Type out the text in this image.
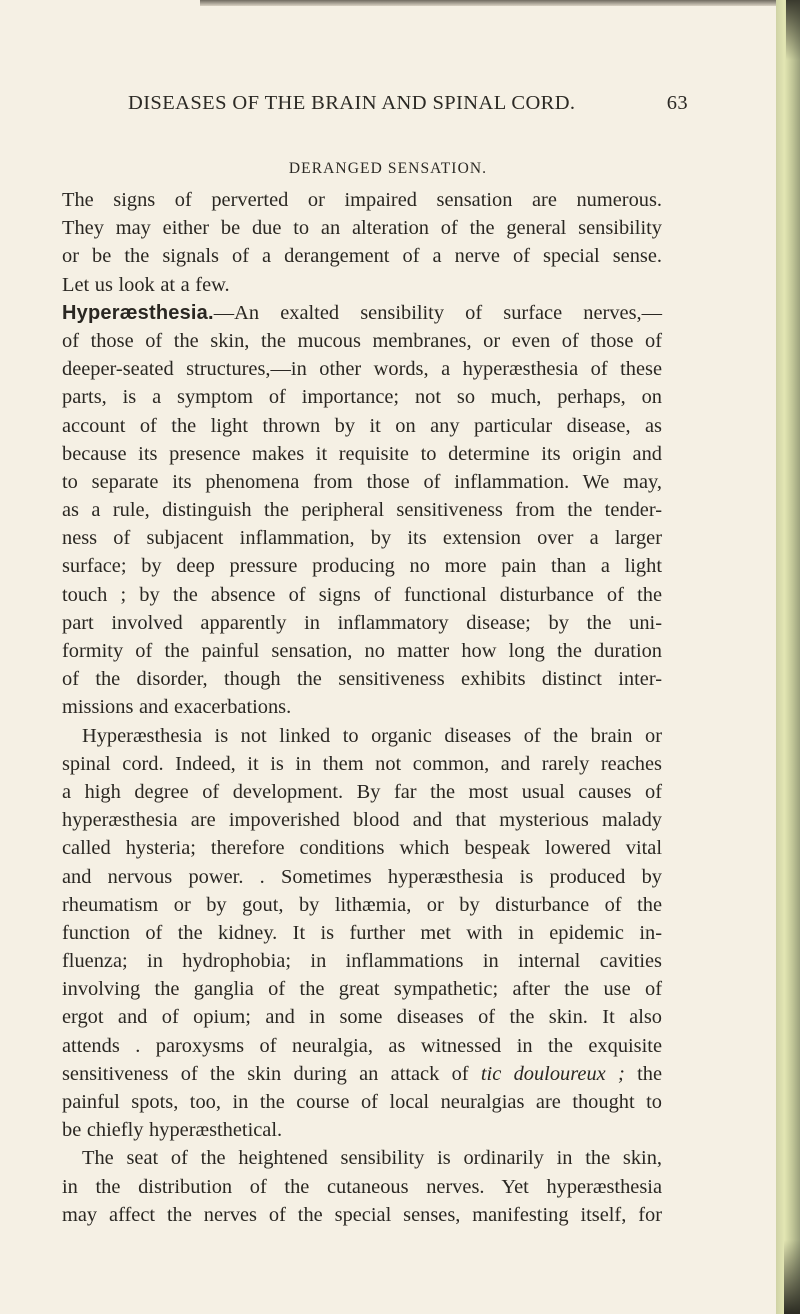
DISEASES OF THE BRAIN AND SPINAL CORD.	63
DERANGED SENSATION.
The signs of perverted or impaired sensation are numerous.
They may either be due to an alteration of the general sensibility
or be the signals of a derangement of a nerve of special sense.
Let us look at a few.
Hyperæsthesia.—An exalted sensibility of surface nerves,—
of those of the skin, the mucous membranes, or even of those of
deeper-seated structures,—in other words, a hyperæsthesia of these
parts, is a symptom of importance; not so much, perhaps, on
account of the light thrown by it on any particular disease, as
because its presence makes it requisite to determine its origin and
to separate its phenomena from those of inflammation. We may,
as a rule, distinguish the peripheral sensitiveness from the tender-
ness of subjacent inflammation, by its extension over a larger
surface; by deep pressure producing no more pain than a light
touch ; by the absence of signs of functional disturbance of the
part involved apparently in inflammatory disease; by the uni-
formity of the painful sensation, no matter how long the duration
of the disorder, though the sensitiveness exhibits distinct inter-
missions and exacerbations.
Hyperæsthesia is not linked to organic diseases of the brain or
spinal cord. Indeed, it is in them not common, and rarely reaches
a high degree of development. By far the most usual causes of
hyperæsthesia are impoverished blood and that mysterious malady
called hysteria; therefore conditions which bespeak lowered vital
and nervous power. . Sometimes hyperæsthesia is produced by
rheumatism or by gout, by lithæmia, or by disturbance of the
function of the kidney. It is further met with in epidemic in-
fluenza; in hydrophobia; in inflammations in internal cavities
involving the ganglia of the great sympathetic; after the use of
ergot and of opium; and in some diseases of the skin. It also
attends . paroxysms of neuralgia, as witnessed in the exquisite
sensitiveness of the skin during an attack of tic douloureux ; the
painful spots, too, in the course of local neuralgias are thought to
be chiefly hyperæsthetical.
The seat of the heightened sensibility is ordinarily in the skin,
in the distribution of the cutaneous nerves. Yet hyperæsthesia
may affect the nerves of the special senses, manifesting itself, for
